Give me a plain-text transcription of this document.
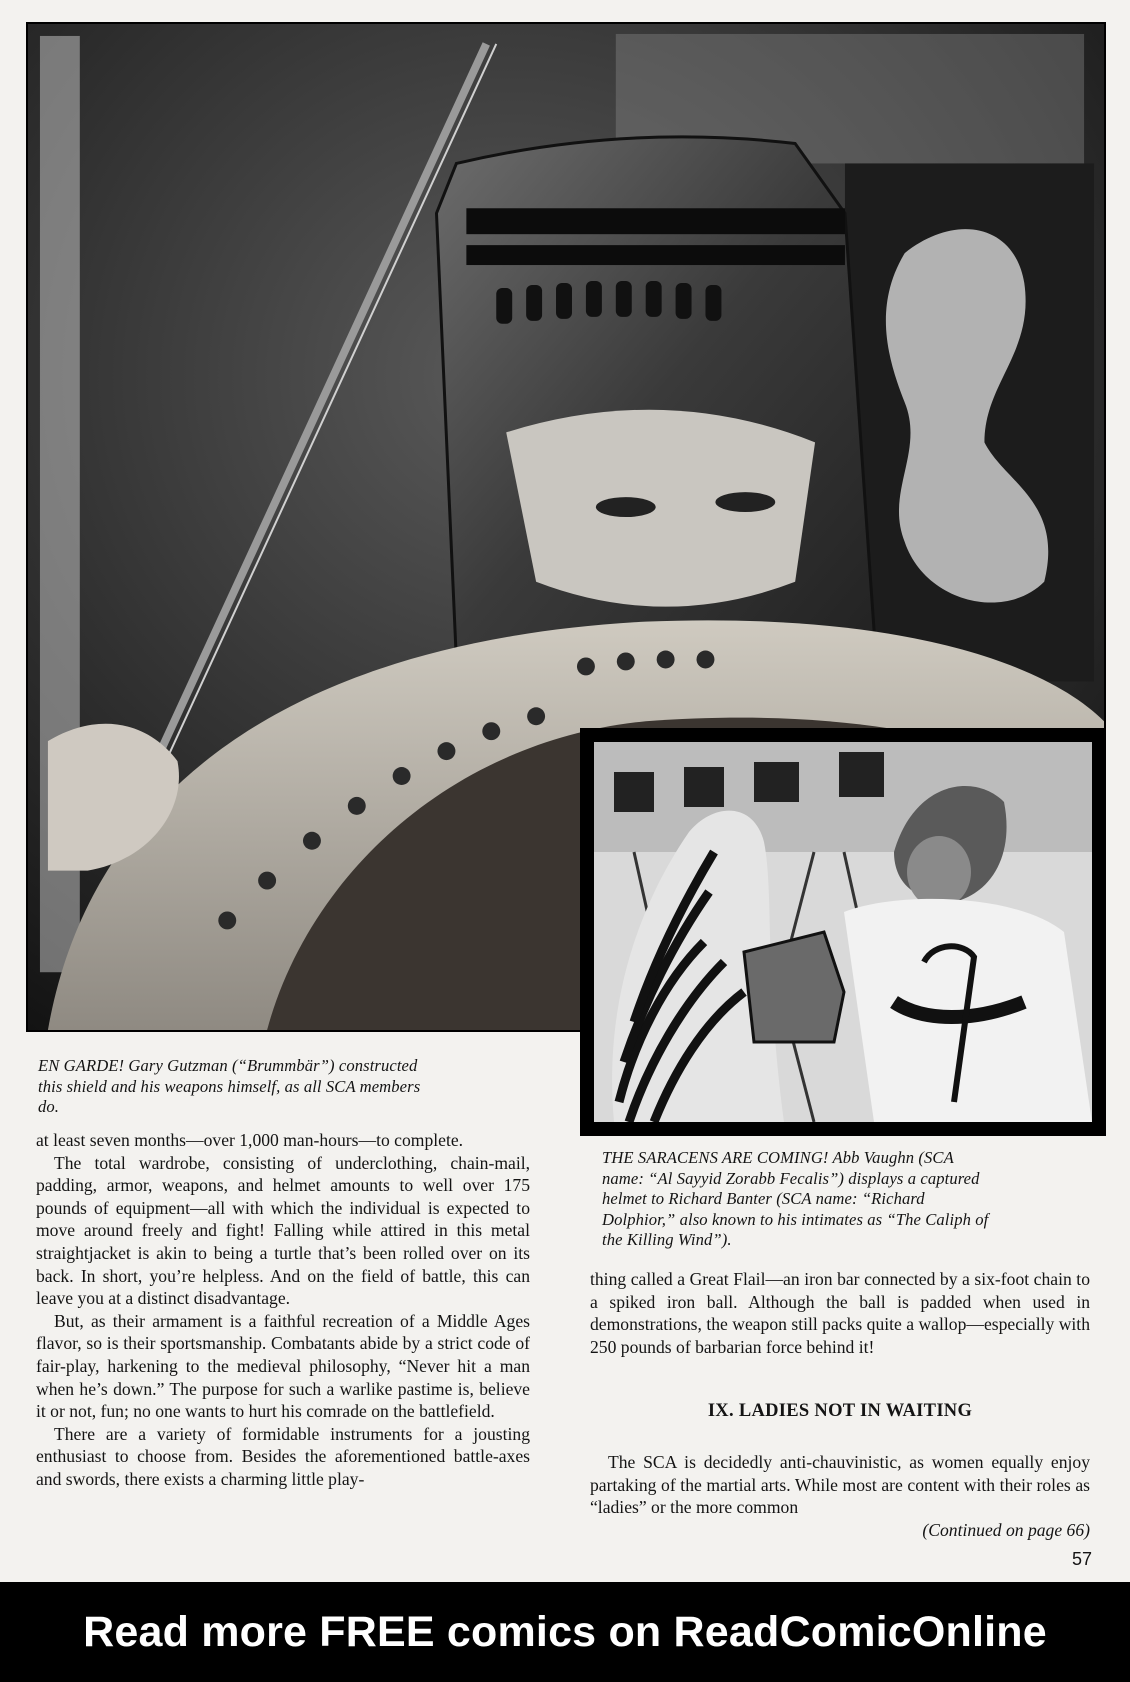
EN GARDE! Gary Gutzman (“Brummbär”) constructed
this shield and his weapons himself, as all SCA members
do.

THE SARACENS ARE COMING! Abb Vaughn (SCA
name: “Al Sayyid Zorabb Fecalis”) displays a captured
helmet to Richard Banter (SCA name: “Richard
Dolphior,” also known to his intimates as “The Caliph of
the Killing Wind”).

at least seven months—over 1,000 man-hours—to complete.

The total wardrobe, consisting of underclothing, chain-mail, padding, armor, weapons, and helmet amounts to well over 175 pounds of equipment—all with which the individual is expected to move around freely and fight! Falling while attired in this metal straightjacket is akin to being a turtle that’s been rolled over on its back. In short, you’re helpless. And on the field of battle, this can leave you at a distinct disadvantage.

But, as their armament is a faithful recreation of a Middle Ages flavor, so is their sportsmanship. Combatants abide by a strict code of fair-play, harkening to the medieval philosophy, “Never hit a man when he’s down.” The purpose for such a warlike pastime is, believe it or not, fun; no one wants to hurt his comrade on the battlefield.

There are a variety of formidable instruments for a jousting enthusiast to choose from. Besides the aforementioned battle-axes and swords, there exists a charming little play-

thing called a Great Flail—an iron bar connected by a six-foot chain to a spiked iron ball. Although the ball is padded when used in demonstrations, the weapon still packs quite a wallop—especially with 250 pounds of barbarian force behind it!

IX. LADIES NOT IN WAITING

The SCA is decidedly anti-chauvinistic, as women equally enjoy partaking of the martial arts. While most are content with their roles as “ladies” or the more common

(Continued on page 66)

57
Read more FREE comics on ReadComicOnline
